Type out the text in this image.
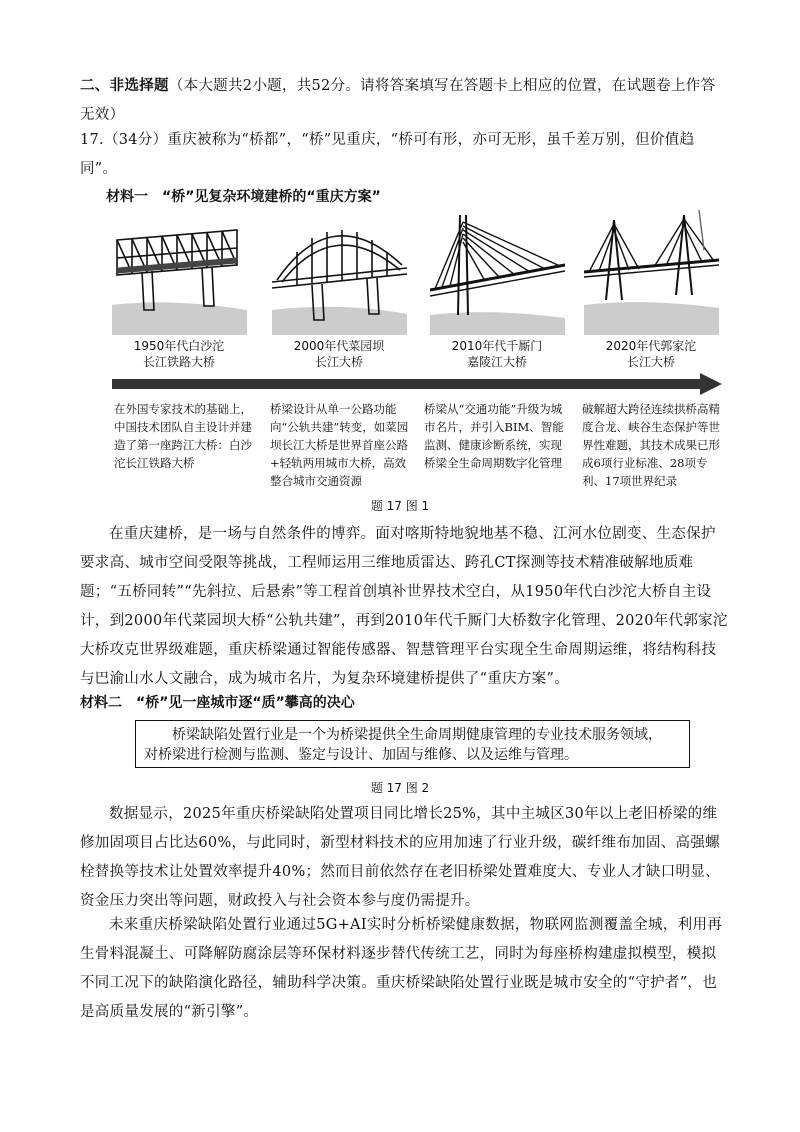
二、非选择题（本大题共2小题，共52分。请将答案填写在答题卡上相应的位置，在试题卷上作答无效）
17.（34分）重庆被称为“桥都”，“桥”见重庆，“桥可有形，亦可无形，虽千差万别，但价值趋同”。
材料一　“桥”见复杂环境建桥的“重庆方案”
1950年代白沙沱
长江铁路大桥
2000年代菜园坝
长江大桥
2010年代千厮门
嘉陵江大桥
2020年代郭家沱
长江大桥
在外国专家技术的基础上，中国技术团队自主设计并建造了第一座跨江大桥：白沙沱长江铁路大桥
桥梁设计从单一公路功能向“公轨共建”转变，如菜园坝长江大桥是世界首座公路+轻轨两用城市大桥，高效整合城市交通资源
桥梁从“交通功能”升级为城市名片，并引入BIM、智能监测、健康诊断系统，实现桥梁全生命周期数字化管理
破解超大跨径连续拱桥高精度合龙、峡谷生态保护等世界性难题，其技术成果已形成6项行业标准、28项专利、17项世界纪录
题 17 图 1
在重庆建桥，是一场与自然条件的博弈。面对喀斯特地貌地基不稳、江河水位剧变、生态保护要求高、城市空间受限等挑战，工程师运用三维地质雷达、跨孔CT探测等技术精准破解地质难题；“五桥同转”“先斜拉、后悬索”等工程首创填补世界技术空白，从1950年代白沙沱大桥自主设计，到2000年代菜园坝大桥“公轨共建”，再到2010年代千厮门大桥数字化管理、2020年代郭家沱大桥攻克世界级难题，重庆桥梁通过智能传感器、智慧管理平台实现全生命周期运维，将结构科技与巴渝山水人文融合，成为城市名片，为复杂环境建桥提供了“重庆方案”。
材料二　“桥”见一座城市逐“质”攀高的决心
桥梁缺陷处置行业是一个为桥梁提供全生命周期健康管理的专业技术服务领域，
对桥梁进行检测与监测、鉴定与设计、加固与维修、以及运维与管理。
题 17 图 2
数据显示，2025年重庆桥梁缺陷处置项目同比增长25%，其中主城区30年以上老旧桥梁的维修加固项目占比达60%，与此同时，新型材料技术的应用加速了行业升级，碳纤维布加固、高强螺栓替换等技术让处置效率提升40%；然而目前依然存在老旧桥梁处置难度大、专业人才缺口明显、资金压力突出等问题，财政投入与社会资本参与度仍需提升。
未来重庆桥梁缺陷处置行业通过5G+AI实时分析桥梁健康数据，物联网监测覆盖全城，利用再生骨料混凝土、可降解防腐涂层等环保材料逐步替代传统工艺，同时为每座桥构建虚拟模型，模拟不同工况下的缺陷演化路径，辅助科学决策。重庆桥梁缺陷处置行业既是城市安全的“守护者”，也是高质量发展的“新引擎”。
